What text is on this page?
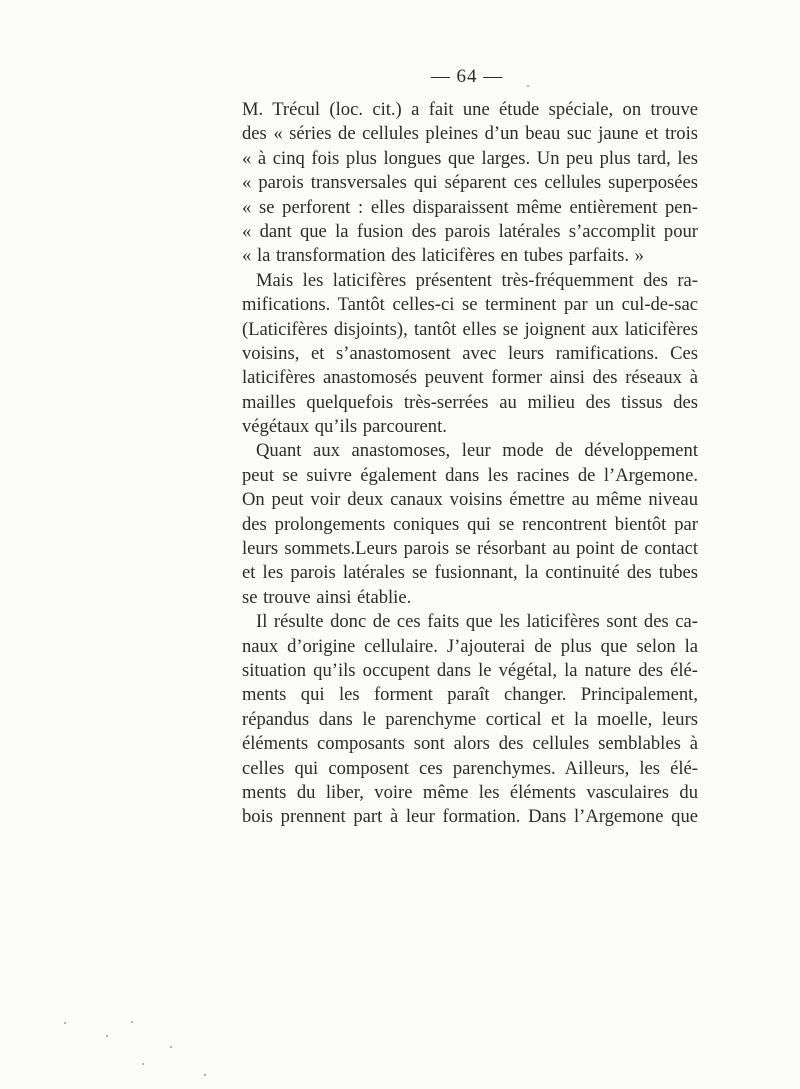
— 64 —
M. Trécul (loc. cit.) a fait une étude spéciale, on trouve
des « séries de cellules pleines d’un beau suc jaune et trois
« à cinq fois plus longues que larges. Un peu plus tard, les
« parois transversales qui séparent ces cellules superposées
« se perforent : elles disparaissent même entièrement pen-
« dant que la fusion des parois latérales s’accomplit pour
« la transformation des laticifères en tubes parfaits. »
Mais les laticifères présentent très-fréquemment des ra-
mifications. Tantôt celles-ci se terminent par un cul-de-sac
(Laticifères disjoints), tantôt elles se joignent aux laticifères
voisins, et s’anastomosent avec leurs ramifications. Ces
laticifères anastomosés peuvent former ainsi des réseaux à
mailles quelquefois très-serrées au milieu des tissus des
végétaux qu’ils parcourent.
Quant aux anastomoses, leur mode de développement
peut se suivre également dans les racines de l’Argemone.
On peut voir deux canaux voisins émettre au même niveau
des prolongements coniques qui se rencontrent bientôt par
leurs sommets.Leurs parois se résorbant au point de contact
et les parois latérales se fusionnant, la continuité des tubes
se trouve ainsi établie.
Il résulte donc de ces faits que les laticifères sont des ca-
naux d’origine cellulaire. J’ajouterai de plus que selon la
situation qu’ils occupent dans le végétal, la nature des élé-
ments qui les forment paraît changer. Principalement,
répandus dans le parenchyme cortical et la moelle, leurs
éléments composants sont alors des cellules semblables à
celles qui composent ces parenchymes. Ailleurs, les élé-
ments du liber, voire même les éléments vasculaires du
bois prennent part à leur formation. Dans l’Argemone que
